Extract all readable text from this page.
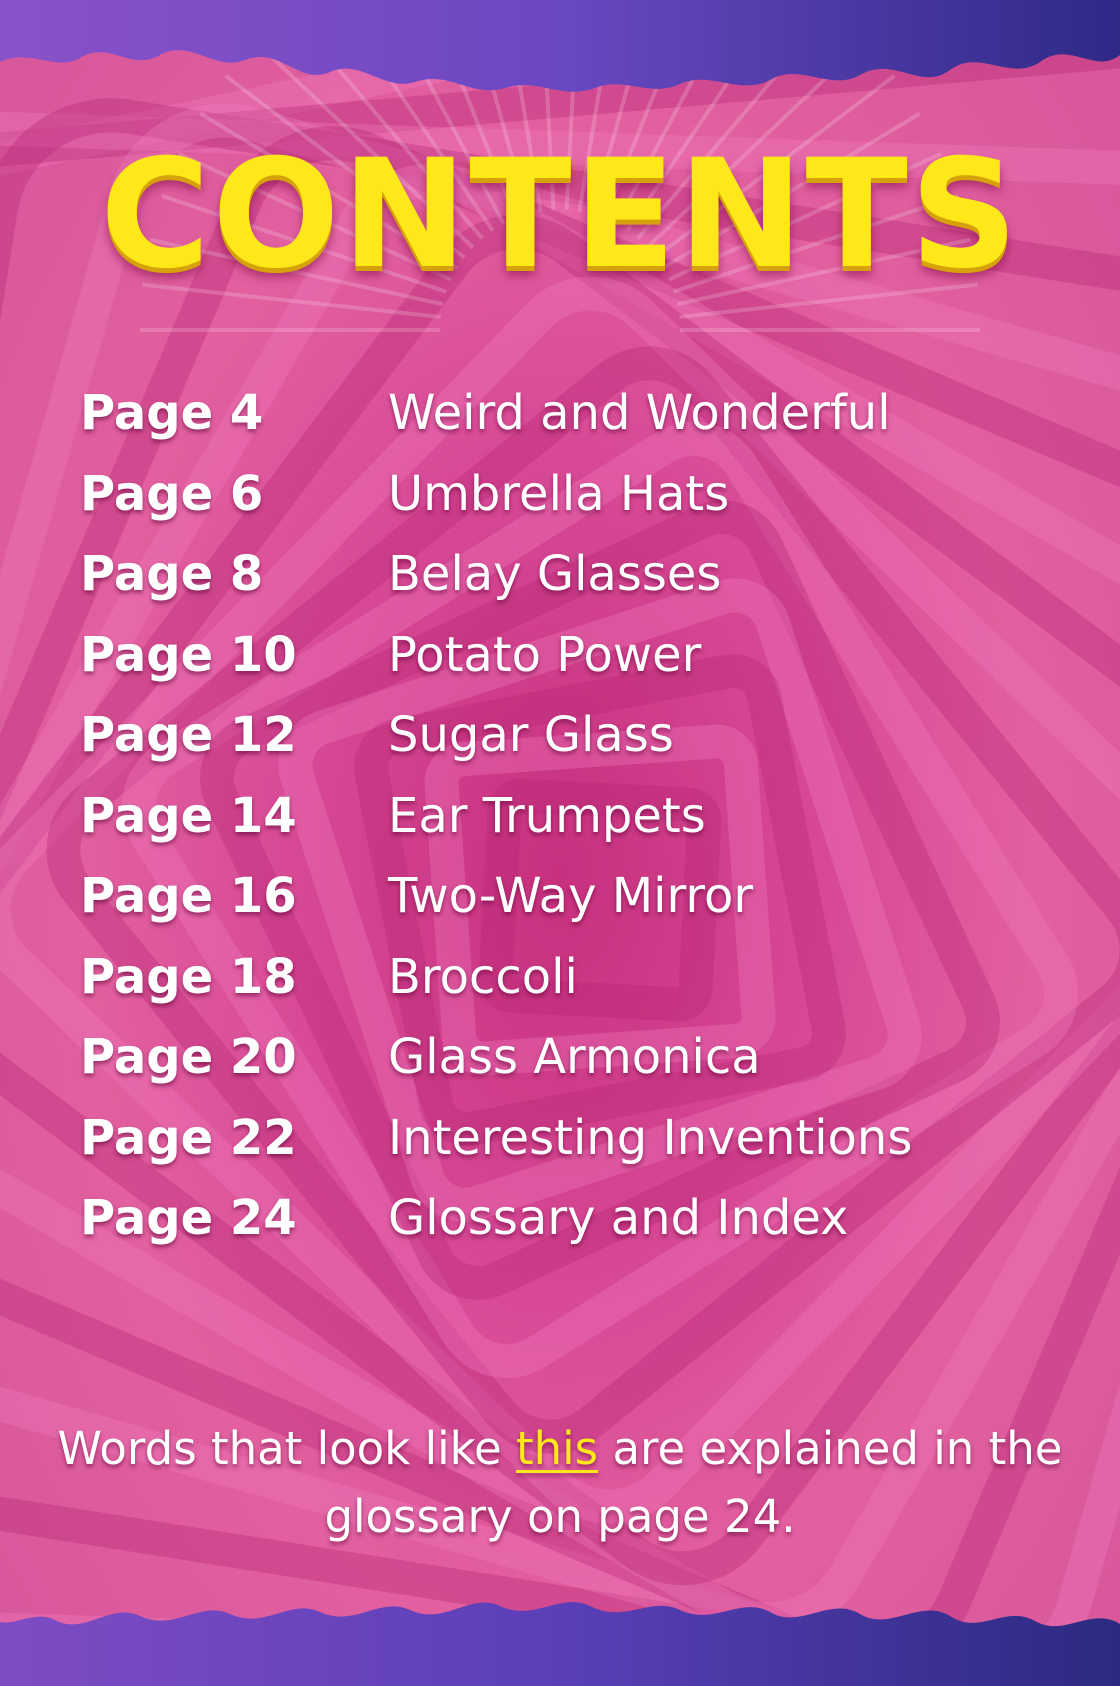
CONTENTS
Page 4	Weird and Wonderful
Page 6	Umbrella Hats
Page 8	Belay Glasses
Page 10 Potato Power
Page 12 Sugar Glass
Page 14 Ear Trumpets
Page 16 Two-Way Mirror
Page 18 Broccoli
Page 20 Glass Armonica
Page 22 Interesting Inventions
Page 24 Glossary and Index
Words that look like this are explained in the glossary on page 24.
